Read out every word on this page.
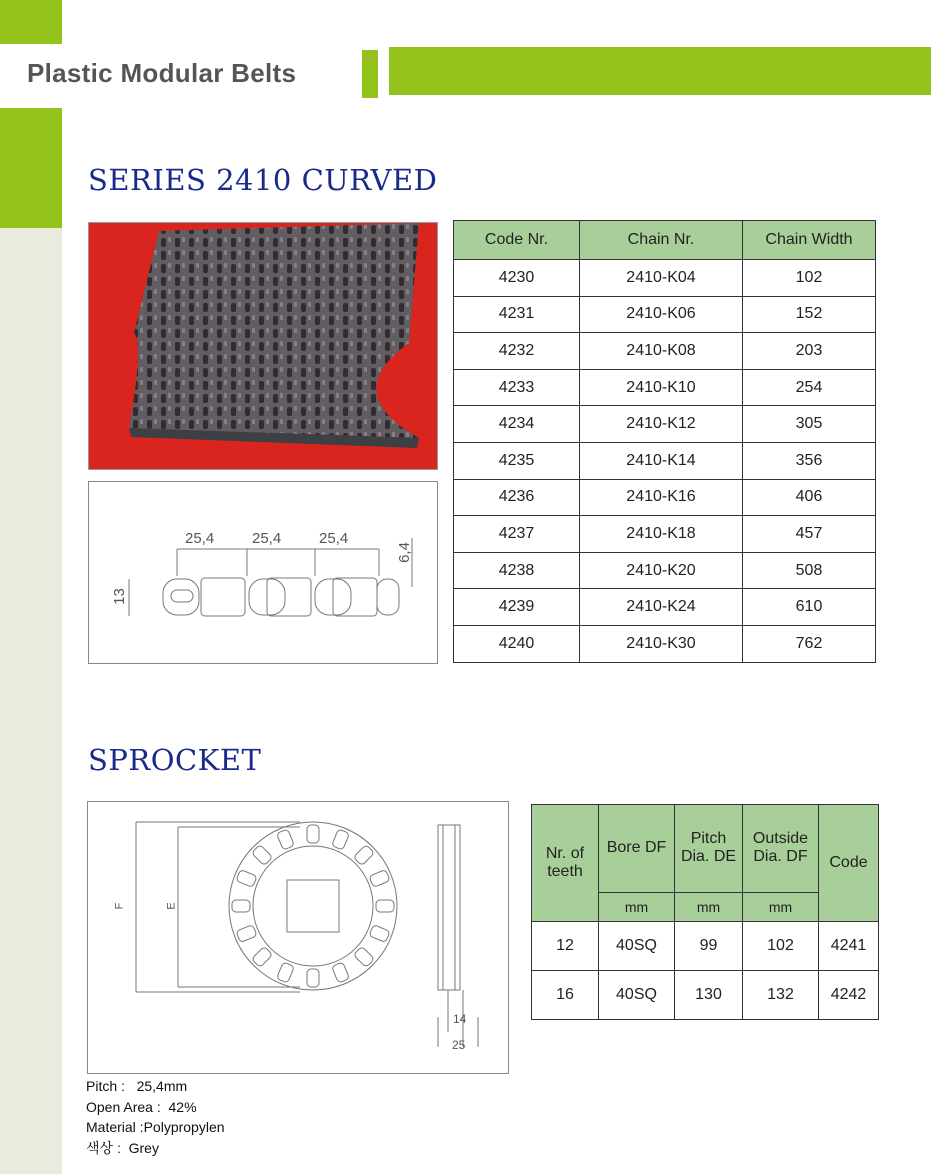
Plastic Modular Belts
SERIES 2410 CURVED
25,4	25,4	25,4
13
6,4
Code Nr.	Chain Nr.	Chain Width
4230	2410-K04	102
4231	2410-K06	152
4232	2410-K08	203
4233	2410-K10	254
4234	2410-K12	305
4235	2410-K14	356
4236	2410-K16	406
4237	2410-K18	457
4238	2410-K20	508
4239	2410-K24	610
4240	2410-K30	762
SPROCKET
F	E
14
25
Nr. of teeth	Bore DF	Pitch Dia. DE	Outside Dia. DF	Code
	mm	mm	mm	
12	40SQ	99	102	4241
16	40SQ	130	132	4242
Pitch : 25,4mm
Open Area : 42%
Material :Polypropylen
색상 : Grey
